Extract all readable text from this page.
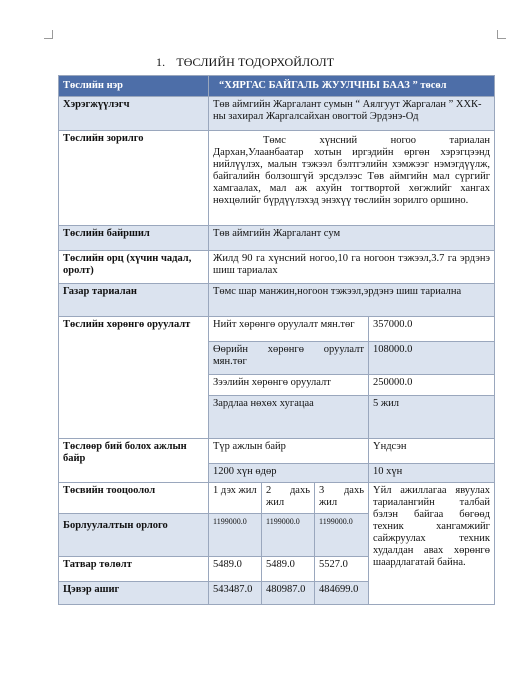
1. ТӨСЛИЙН ТОДОРХОЙЛОЛТ
Төслийн нэр	“ХЯРГАС БАЙГАЛЬ ЖУУЛЧНЫ БААЗ ” төсөл			
Хэрэгжүүлэгч	Төв аймгийн Жаргалант сумын “ Аялгуут Жаргалан ” ХХК-ны захирал Жаргалсайхан овогтой Эрдэнэ-Од			
Төслийн зорилго	Төмс хүнсний ногоо тариалан Дархан,Улаанбаатар хотын иргэдийн өргөн хэрэгцээнд нийлүүлэх, малын тэжээл бэлтгэлийн хэмжээг нэмэгдүүлж, байгалийн болзошгүй эрсдэлээс Төв аймгийн мал сүргийг хамгаалах, мал аж ахуйн тогтвортой хөгжлийг хангах нөхцөлийг бүрдүүлэхэд энэхүү төслийн зорилго оршино.			
Төслийн байршил	Төв аймгийн Жаргалант сум			
Төслийн орц (хүчин чадал, оролт)	Жилд 90 га хүнсний ногоо,10 га ногоон тэжээл,3.7 га эрдэнэ шиш тариалах			
Газар тариалан	Төмс шар манжин,ногоон тэжээл,эрдэнэ шиш тариална			
Төслийн хөрөнгө оруулалт	Нийт хөрөнгө оруулалт мян.төг			357000.0
	Өөрийн хөрөнгө оруулалт мян.төг			108000.0
	Зээлийн хөрөнгө оруулалт			250000.0
	Зардлаа нөхөх хугацаа			5 жил
Төслөөр бий болох ажлын байр	Түр ажлын байр			Үндсэн
	1200 хүн өдөр			10 хүн
Төсвийн тооцоолол	1 дэх жил	2 дахь жил	3 дахь жил	Үйл ажиллагаа явуулах тариалангийн талбай бэлэн байгаа бөгөөд техник хангамжийг сайжруулах техник худалдан авах хөрөнгө шаардлагатай байна.
Борлуулалтын орлого	1199000.0	1199000.0	1199000.0	
Татвар төлөлт	5489.0	5489.0	5527.0	
Цэвэр ашиг	543487.0	480987.0	484699.0	
